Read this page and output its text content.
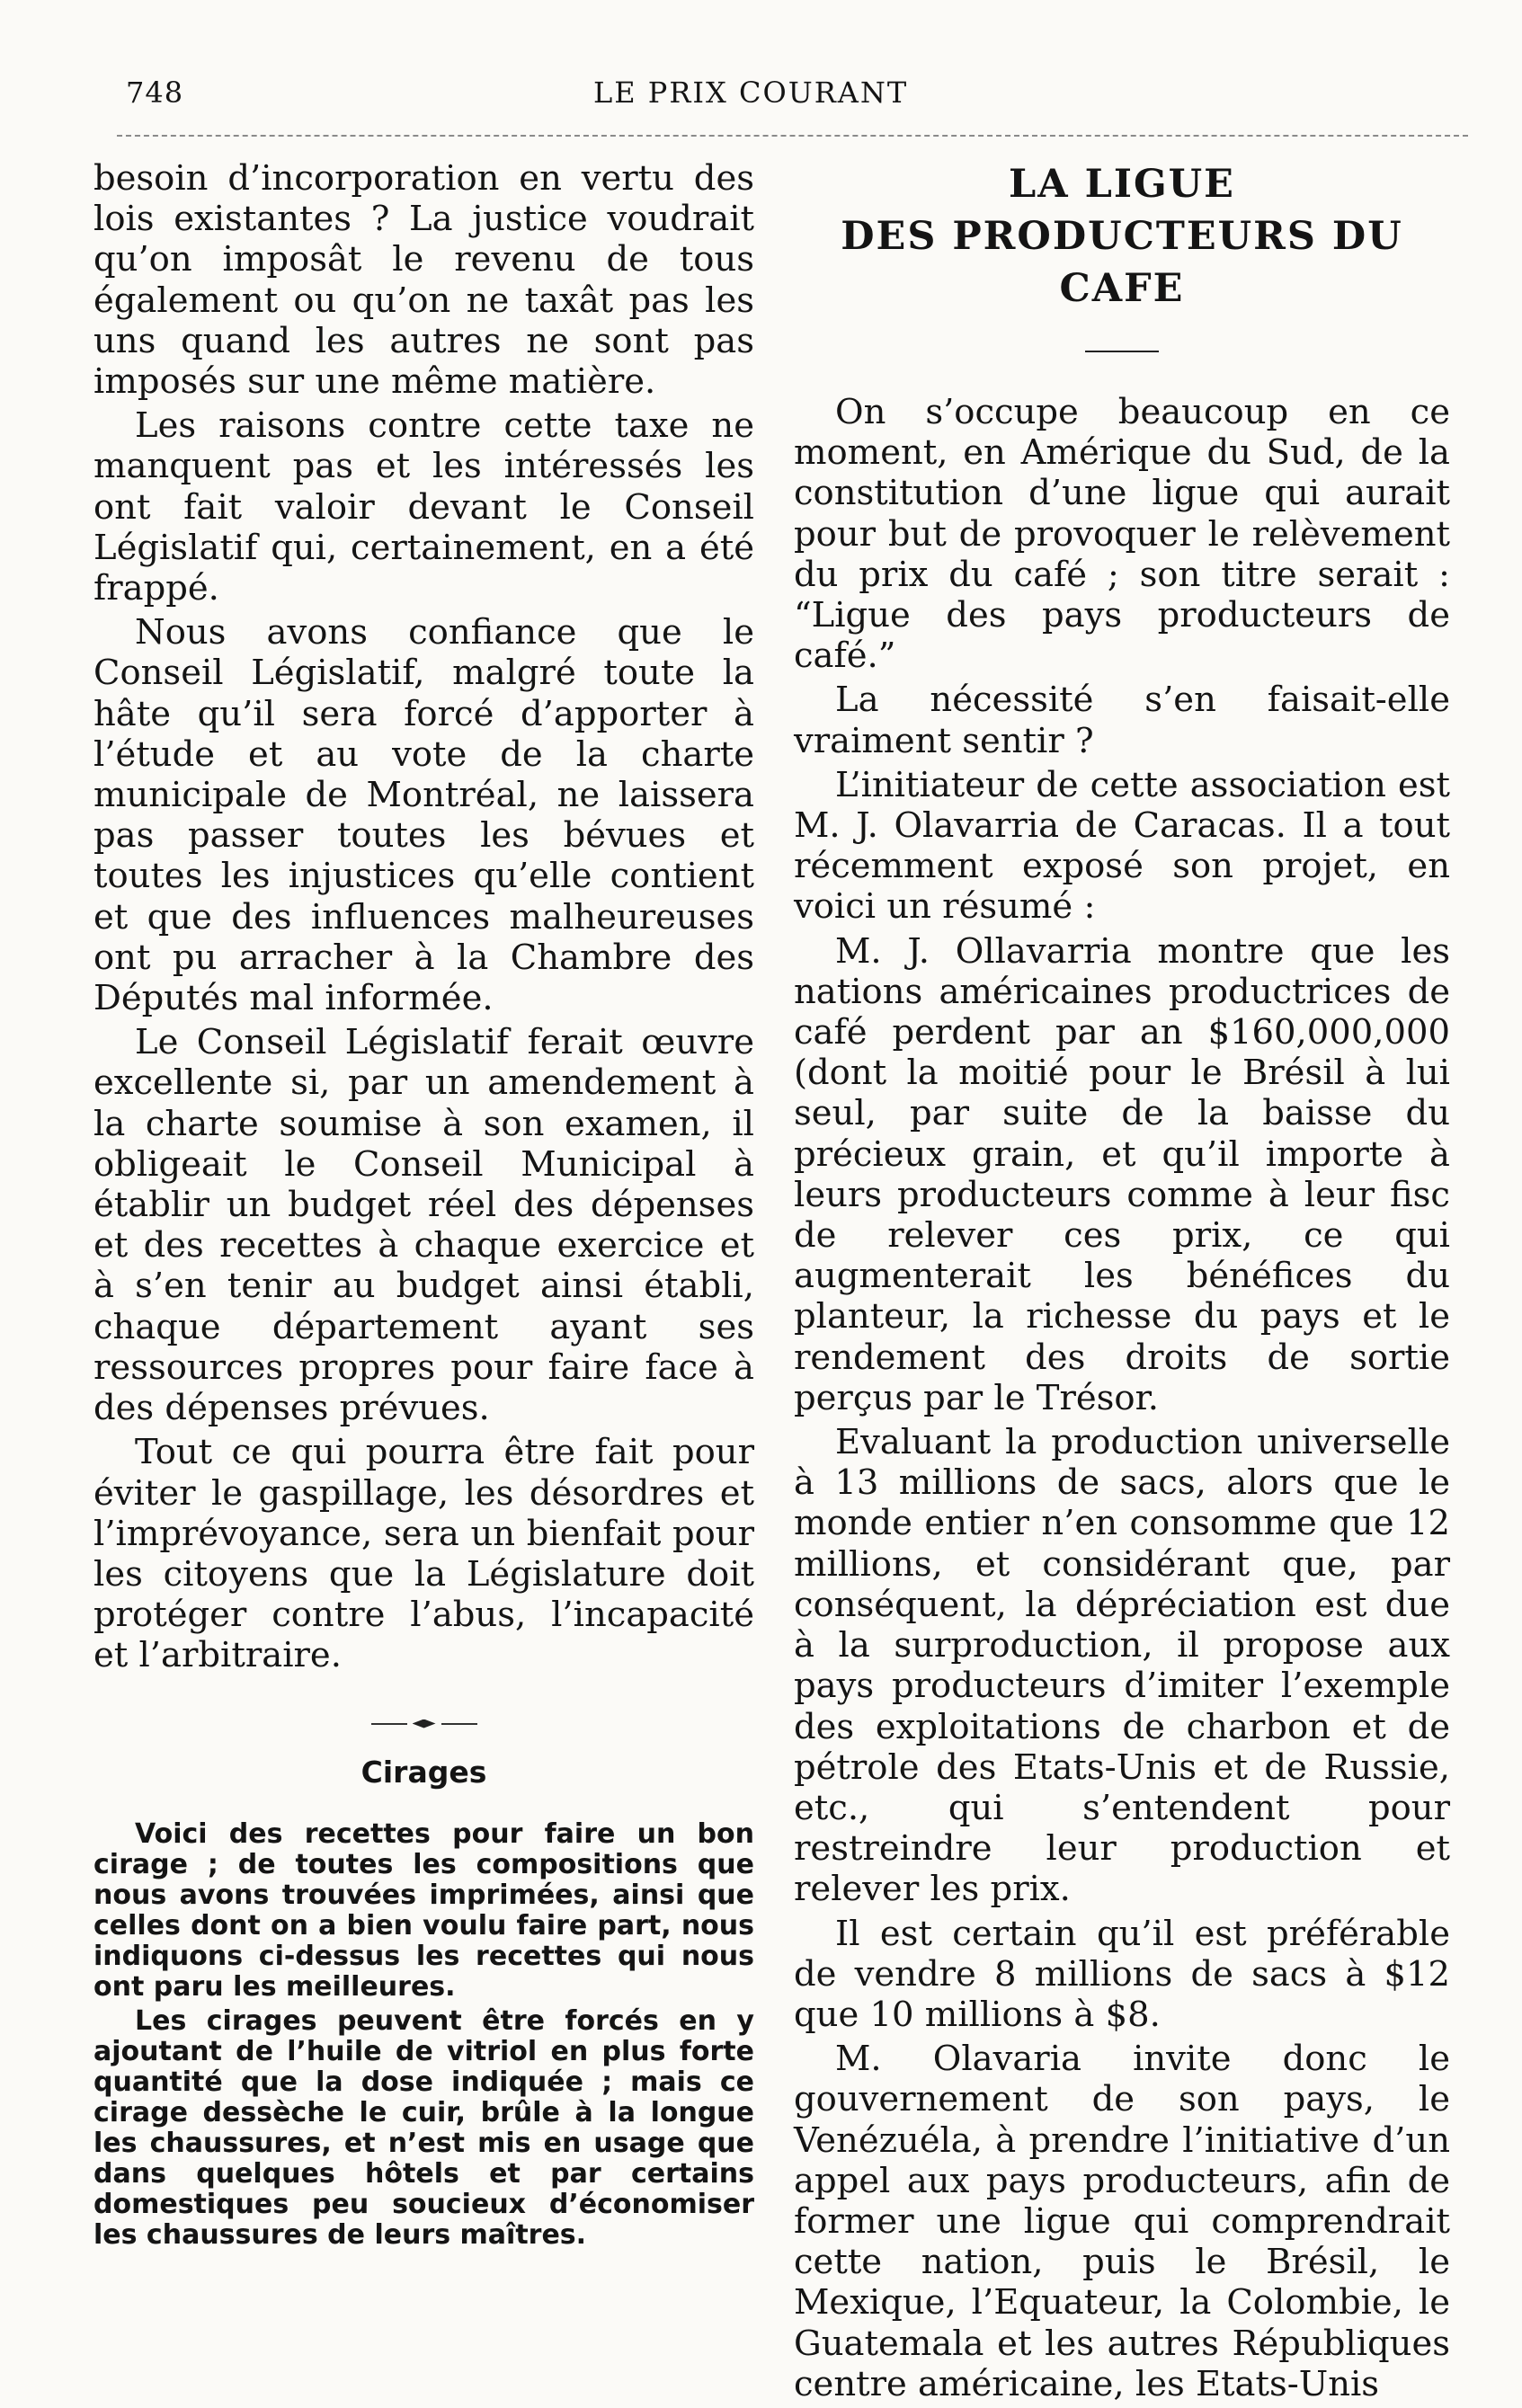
748	LE PRIX COURANT

besoin d’incorporation en vertu des lois existantes ? La justice voudrait qu’on imposât le revenu de tous également ou qu’on ne taxât pas les uns quand les autres ne sont pas imposés sur une même matière.

Les raisons contre cette taxe ne manquent pas et les intéressés les ont fait valoir devant le Conseil Législatif qui, certainement, en a été frappé.

Nous avons confiance que le Conseil Législatif, malgré toute la hâte qu’il sera forcé d’apporter à l’étude et au vote de la charte municipale de Montréal, ne laissera pas passer toutes les bévues et toutes les injustices qu’elle contient et que des influences malheureuses ont pu arracher à la Chambre des Députés mal informée.

Le Conseil Législatif ferait œuvre excellente si, par un amendement à la charte soumise à son examen, il obligeait le Conseil Municipal à établir un budget réel des dépenses et des recettes à chaque exercice et à s’en tenir au budget ainsi établi, chaque département ayant ses ressources propres pour faire face à des dépenses prévues.

Tout ce qui pourra être fait pour éviter le gaspillage, les désordres et l’imprévoyance, sera un bienfait pour les citoyens que la Législature doit protéger contre l’abus, l’incapacité et l’arbitraire.

Cirages

Voici des recettes pour faire un bon cirage ; de toutes les compositions que nous avons trouvées imprimées, ainsi que celles dont on a bien voulu faire part, nous indiquons ci-dessus les recettes qui nous ont paru les meilleures.

Les cirages peuvent être forcés en y ajoutant de l’huile de vitriol en plus forte quantité que la dose indiquée ; mais ce cirage dessèche le cuir, brûle à la longue les chaussures, et n’est mis en usage que dans quelques hôtels et par certains domestiques peu soucieux d’économiser les chaussures de leurs maîtres.

LA LIGUE
DES PRODUCTEURS DU CAFE

On s’occupe beaucoup en ce moment, en Amérique du Sud, de la constitution d’une ligue qui aurait pour but de provoquer le relèvement du prix du café ; son titre serait : “Ligue des pays producteurs de café.”

La nécessité s’en faisait-elle vraiment sentir ?

L’initiateur de cette association est M. J. Olavarria de Caracas. Il a tout récemment exposé son projet, en voici un résumé :

M. J. Ollavarria montre que les nations américaines productrices de café perdent par an $160,000,000 (dont la moitié pour le Brésil à lui seul, par suite de la baisse du précieux grain, et qu’il importe à leurs producteurs comme à leur fisc de relever ces prix, ce qui augmenterait les bénéfices du planteur, la richesse du pays et le rendement des droits de sortie perçus par le Trésor.

Evaluant la production universelle à 13 millions de sacs, alors que le monde entier n’en consomme que 12 millions, et considérant que, par conséquent, la dépréciation est due à la surproduction, il propose aux pays producteurs d’imiter l’exemple des exploitations de charbon et de pétrole des Etats-Unis et de Russie, etc., qui s’entendent pour restreindre leur production et relever les prix.

Il est certain qu’il est préférable de vendre 8 millions de sacs à $12 que 10 millions à $8.

M. Olavaria invite donc le gouvernement de son pays, le Venézuéla, à prendre l’initiative d’un appel aux pays producteurs, afin de former une ligue qui comprendrait cette nation, puis le Brésil, le Mexique, l’Equateur, la Colombie, le Guatemala et les autres Républiques centre américaine, les Etats-Unis
